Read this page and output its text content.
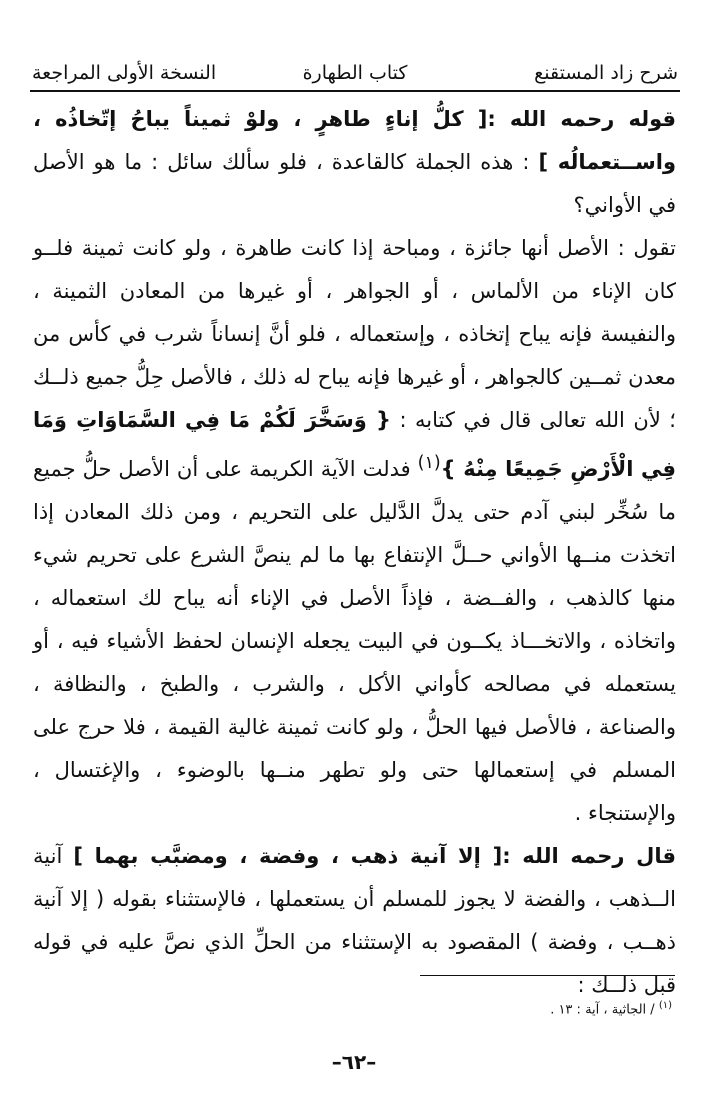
شرح زاد المستقنع
كتاب الطهارة
النسخة الأولى المراجعة

قوله رحمه الله :[ كلُّ إناءٍ طاهرٍ ، ولوْ ثميناً يباحُ إتّخاذُه ، واســتعمالُه ] : هذه الجملة كالقاعدة ، فلو سألك سائل : ما هو الأصل في الأواني؟

تقول : الأصل أنها جائزة ، ومباحة إذا كانت طاهرة ، ولو كانت ثمينة فلــو كان الإناء من الألماس ، أو الجواهر ، أو غيرها من المعادن الثمينة ، والنفيسة فإنه يباح إتخاذه ، وإستعماله ، فلو أنَّ إنساناً شرب في كأس من معدن ثمــين كالجواهر ، أو غيرها فإنه يباح له ذلك ، فالأصل حِلُّ جميع ذلــك ؛ لأن الله تعالى قال في كتابه : { وَسَخَّرَ لَكُمْ مَا فِي السَّمَاوَاتِ وَمَا فِي الْأَرْضِ جَمِيعًا مِنْهُ }$^{(١)}$ فدلت الآية الكريمة على أن الأصل حلُّ جميع ما سُخِّر لبني آدم حتى يدلَّ الدَّليل على التحريم ، ومن ذلك المعادن إذا اتخذت منــها الأواني حــلَّ الإنتفاع بها ما لم ينصَّ الشرع على تحريم شيء منها كالذهب ، والفــضة ، فإذاً الأصل في الإناء أنه يباح لك استعماله ، واتخاذه ، والاتخـــاذ يكــون في البيت يجعله الإنسان لحفظ الأشياء فيه ، أو يستعمله في مصالحه كأواني الأكل ، والشرب ، والطبخ ، والنظافة ، والصناعة ، فالأصل فيها الحلُّ ، ولو كانت ثمينة غالية القيمة ، فلا حرج على المسلم في إستعمالها حتى ولو تطهر منــها بالوضوء ، والإغتسال ، والإستنجاء .

قال رحمه الله :[ إلا آنية ذهب ، وفضة ، ومضبَّب بهما ] آنية الــذهب ، والفضة لا يجوز للمسلم أن يستعملها ، فالإستثناء بقوله ( إلا آنية ذهــب ، وفضة ) المقصود به الإستثناء من الحلِّ الذي نصَّ عليه في قوله قبل ذلــك :

$^{(١)}$ / الجاثية ، آية : ١٣ .
–٦٢–
